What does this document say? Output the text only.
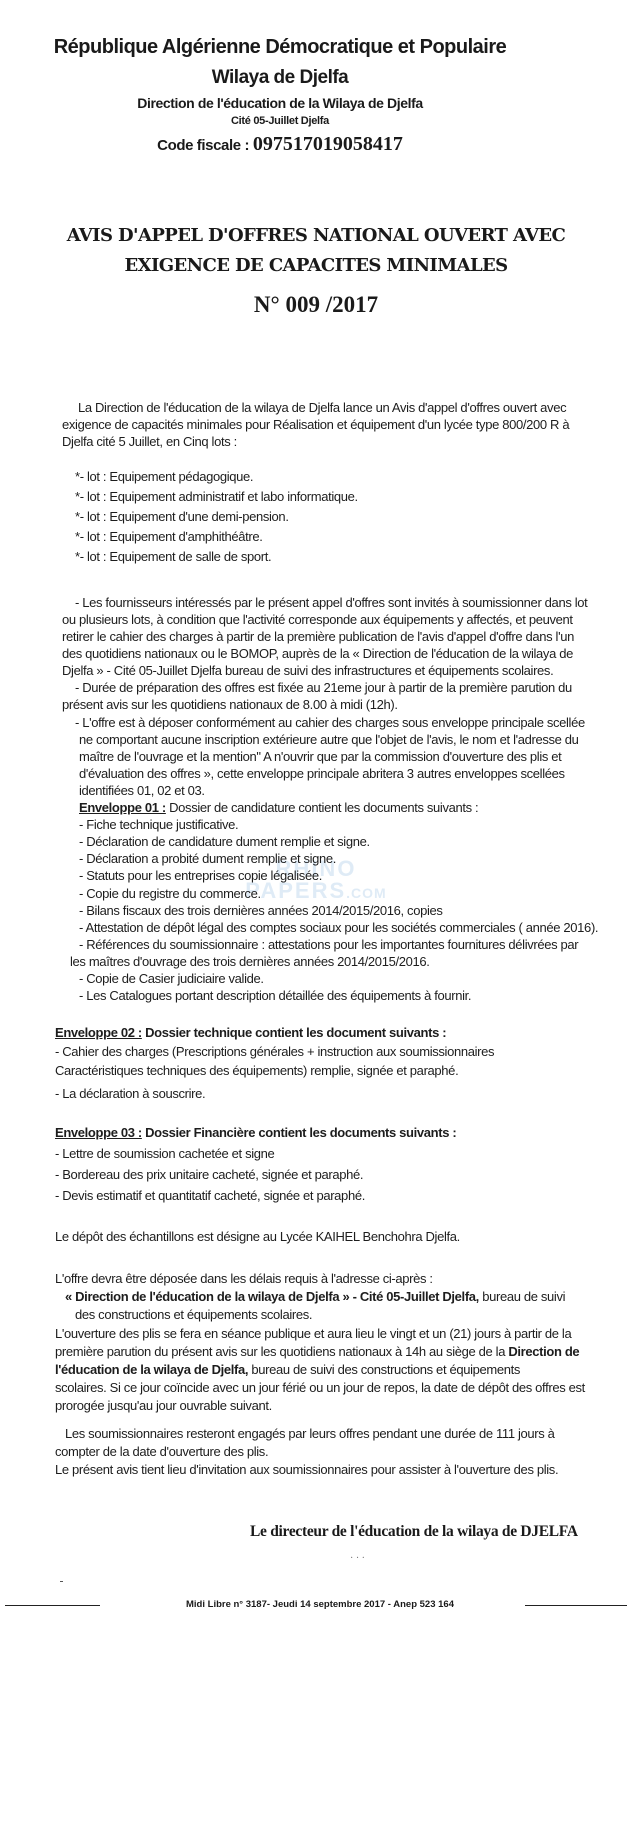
République Algérienne Démocratique et Populaire
Wilaya de Djelfa
Direction de l'éducation de la Wilaya de Djelfa
Cité 05-Juillet Djelfa
Code fiscale : 097517019058417
AVIS D'APPEL D'OFFRES NATIONAL OUVERT AVEC
EXIGENCE DE CAPACITES MINIMALES
N° 009 /2017
RHINO
PAPERS.COM
La Direction de l'éducation de la wilaya de Djelfa lance un Avis d'appel d'offres ouvert avec
exigence de capacités minimales pour Réalisation et équipement d'un lycée type 800/200 R à
Djelfa cité 5 Juillet, en Cinq lots :
*- lot : Equipement pédagogique.
*- lot : Equipement administratif et labo informatique.
*- lot : Equipement d'une demi-pension.
*- lot : Equipement d'amphithéâtre.
*- lot : Equipement de salle de sport.
- Les fournisseurs intéressés par le présent appel d'offres sont invités à soumissionner dans lot
ou plusieurs lots, à condition que l'activité corresponde aux équipements y affectés, et peuvent
retirer le cahier des charges à partir de la première publication de l'avis d'appel d'offre dans l'un
des quotidiens nationaux ou le BOMOP, auprès de la « Direction de l'éducation de la wilaya de
Djelfa » - Cité 05-Juillet Djelfa bureau de suivi des infrastructures et équipements scolaires.
- Durée de préparation des offres est fixée au 21eme jour à partir de la première parution du
présent avis sur les quotidiens nationaux de 8.00 à midi (12h).
- L'offre est à déposer conformément au cahier des charges sous enveloppe principale scellée
ne comportant aucune inscription extérieure autre que l'objet de l'avis, le nom et l'adresse du
maître de l'ouvrage et la mention" A n'ouvrir que par la commission d'ouverture des plis et
d'évaluation des offres », cette enveloppe principale abritera 3 autres enveloppes scellées
identifiées 01, 02 et 03.
Enveloppe 01 : Dossier de candidature contient les documents suivants :
- Fiche technique justificative.
- Déclaration de candidature dument remplie et signe.
- Déclaration a probité dument remplie et signe.
- Statuts pour les entreprises copie légalisée.
- Copie du registre du commerce.
- Bilans fiscaux des trois dernières années 2014/2015/2016, copies
- Attestation de dépôt légal des comptes sociaux pour les sociétés commerciales ( année 2016).
- Références du soumissionnaire : attestations pour les importantes fournitures délivrées par
les maîtres d'ouvrage des trois dernières années 2014/2015/2016.
- Copie de Casier judiciaire valide.
- Les Catalogues portant description détaillée des équipements à fournir.
Enveloppe 02 : Dossier technique contient les document suivants :
- Cahier des charges (Prescriptions générales + instruction aux soumissionnaires
Caractéristiques techniques des équipements) remplie, signée et paraphé.
- La déclaration à souscrire.
Enveloppe 03 : Dossier Financière contient les documents suivants :
- Lettre de soumission cachetée et signe
- Bordereau des prix unitaire cacheté, signée et paraphé.
- Devis estimatif et quantitatif cacheté, signée et paraphé.
Le dépôt des échantillons est désigne au Lycée KAIHEL Benchohra Djelfa.
L'offre devra être déposée dans les délais requis à l'adresse ci-après :
« Direction de l'éducation de la wilaya de Djelfa » - Cité 05-Juillet Djelfa, bureau de suivi
des constructions et équipements scolaires.
L'ouverture des plis se fera en séance publique et aura lieu le vingt et un (21) jours à partir de la
première parution du présent avis sur les quotidiens nationaux à 14h au siège de la Direction de
l'éducation de la wilaya de Djelfa, bureau de suivi des constructions et équipements
scolaires. Si ce jour coïncide avec un jour férié ou un jour de repos, la date de dépôt des offres est
prorogée jusqu'au jour ouvrable suivant.
Les soumissionnaires resteront engagés par leurs offres pendant une durée de 111 jours à
compter de la date d'ouverture des plis.
Le présent avis tient lieu d'invitation aux soumissionnaires pour assister à l'ouverture des plis.
Le directeur de l'éducation de la wilaya de DJELFA
· · ·
Midi Libre n° 3187- Jeudi 14 septembre 2017 - Anep 523 164
